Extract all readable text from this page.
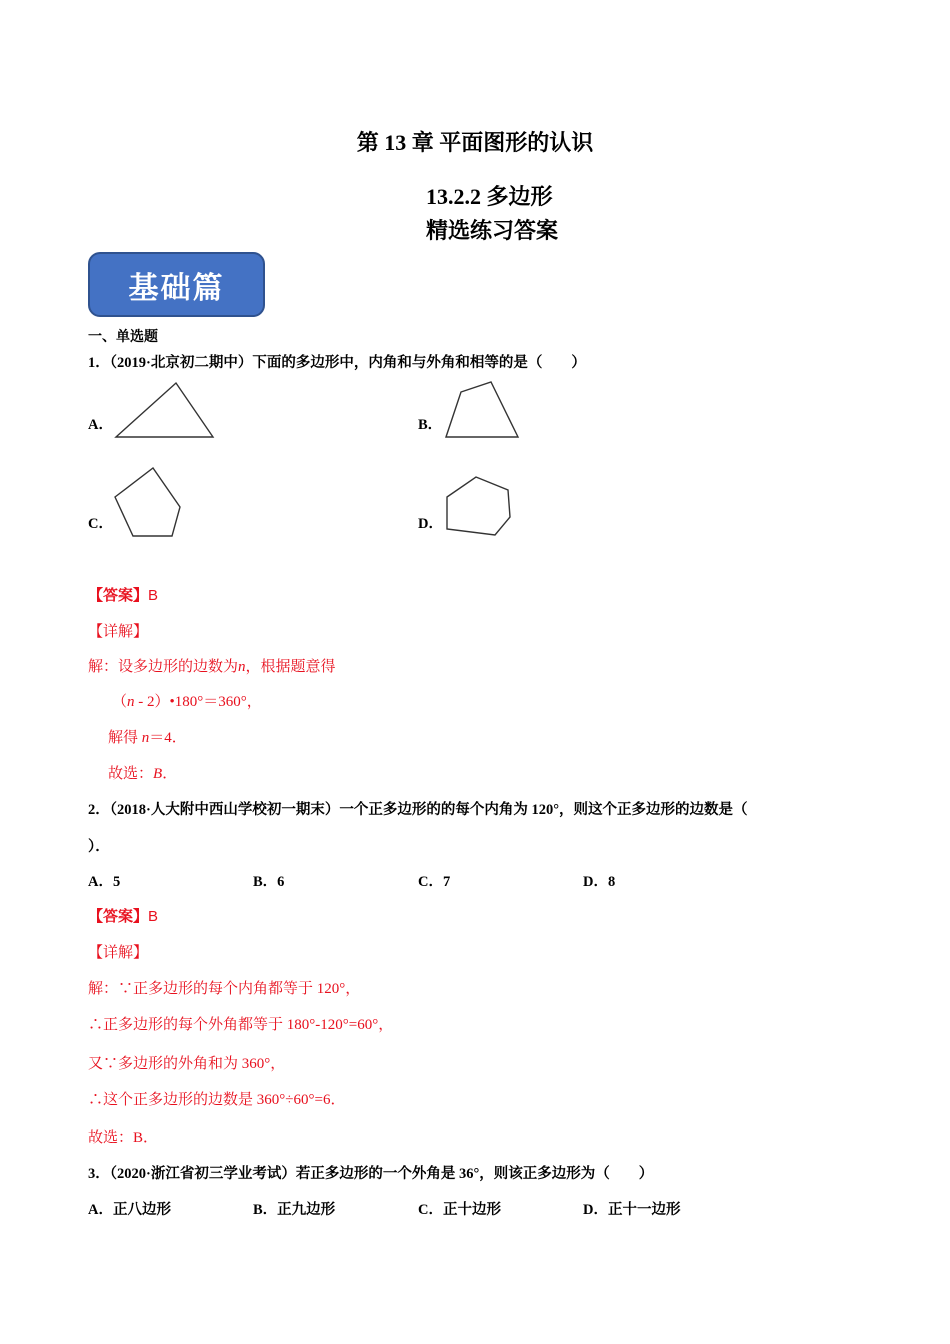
第 13 章 平面图形的认识
13.2.2 多边形
精选练习答案
基础篇
一、单选题
1．（2019·北京初二期中）下面的多边形中，内角和与外角和相等的是（　　）
A．	B．
C．	D．
【答案】B
【详解】
解：设多边形的边数为n，根据题意得
（n - 2）•180°＝360°，
解得 n＝4．
故选：B．
2．（2018·人大附中西山学校初一期末）一个正多边形的的每个内角为 120°，则这个正多边形的边数是（
）．
A．5	B．6	C．7	D．8
【答案】B
【详解】
解：∵正多边形的每个内角都等于 120°，
∴正多边形的每个外角都等于 180°-120°=60°，
又∵多边形的外角和为 360°，
∴这个正多边形的边数是 360°÷60°=6．
故选：B．
3．（2020·浙江省初三学业考试）若正多边形的一个外角是 36°，则该正多边形为（　　）
A．正八边形	B．正九边形	C．正十边形	D．正十一边形
